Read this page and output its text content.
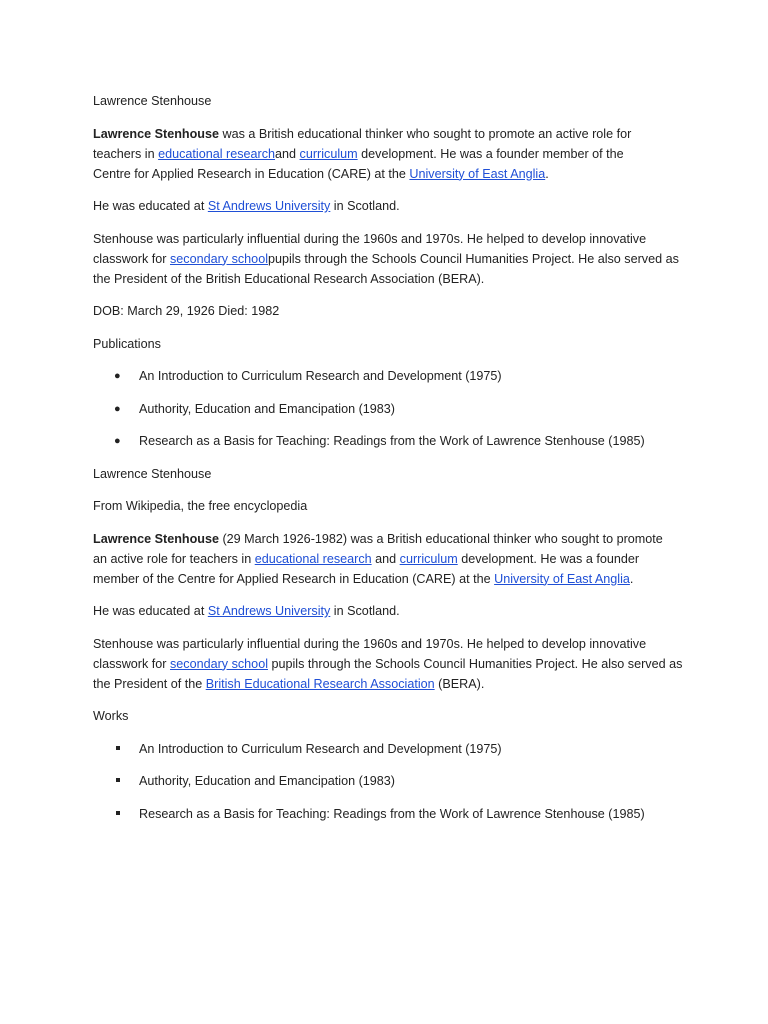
Lawrence Stenhouse

Lawrence Stenhouse was a British educational thinker who sought to promote an active role for teachers in educational researchand curriculum development. He was a founder member of the Centre for Applied Research in Education (CARE) at the University of East Anglia.

He was educated at St Andrews University in Scotland.

Stenhouse was particularly influential during the 1960s and 1970s. He helped to develop innovative classwork for secondary schoolpupils through the Schools Council Humanities Project. He also served as the President of the British Educational Research Association (BERA).

DOB: March 29, 1926 Died: 1982

Publications

● An Introduction to Curriculum Research and Development (1975)
● Authority, Education and Emancipation (1983)
● Research as a Basis for Teaching: Readings from the Work of Lawrence Stenhouse (1985)

Lawrence Stenhouse

From Wikipedia, the free encyclopedia

Lawrence Stenhouse (29 March 1926-1982) was a British educational thinker who sought to promote an active role for teachers in educational research and curriculum development. He was a founder member of the Centre for Applied Research in Education (CARE) at the University of East Anglia.

He was educated at St Andrews University in Scotland.

Stenhouse was particularly influential during the 1960s and 1970s. He helped to develop innovative classwork for secondary school pupils through the Schools Council Humanities Project. He also served as the President of the British Educational Research Association (BERA).

Works

An Introduction to Curriculum Research and Development (1975)
Authority, Education and Emancipation (1983)
Research as a Basis for Teaching: Readings from the Work of Lawrence Stenhouse (1985)
